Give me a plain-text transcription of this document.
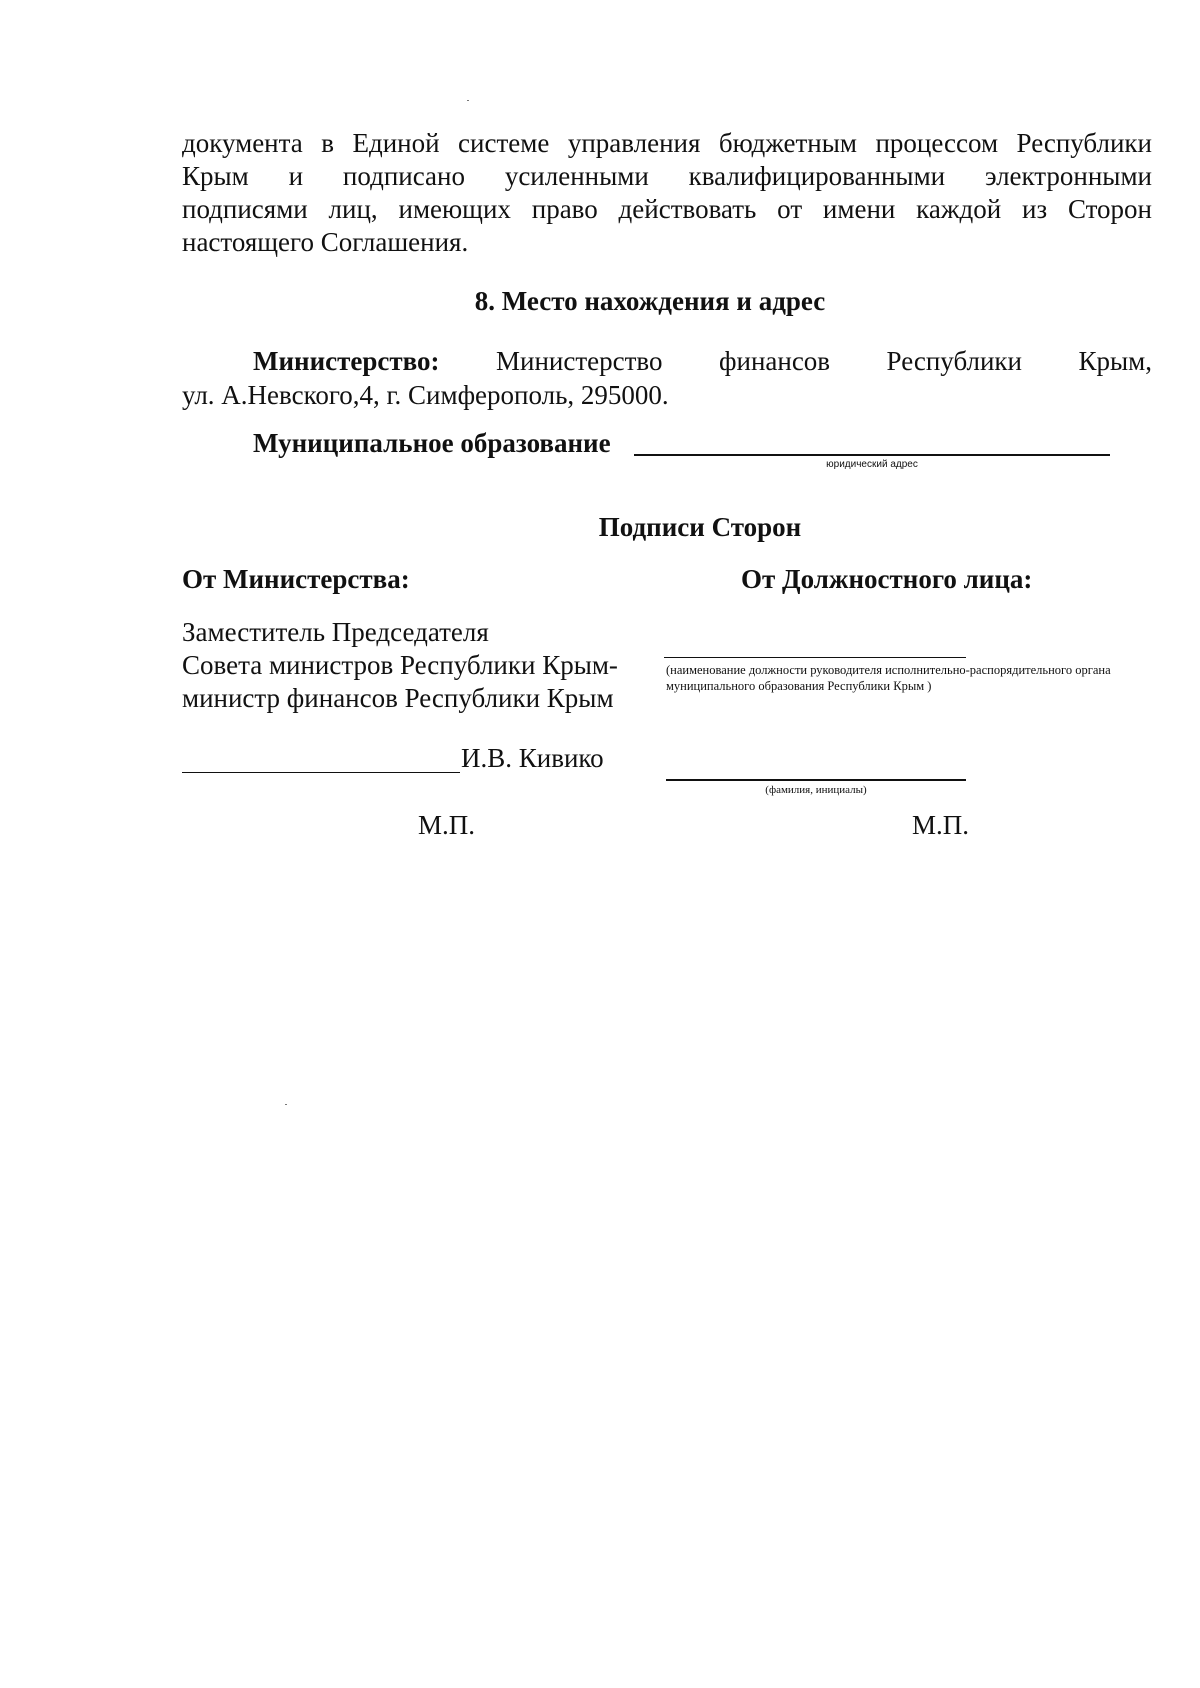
документа в Единой системе управления бюджетным процессом Республики
Крым и подписано усиленными квалифицированными электронными
подписями лиц, имеющих право действовать от имени каждой из Сторон
настоящего Соглашения.
8. Место нахождения и адрес
Министерство: Министерство финансов Республики Крым,
ул. А.Невского,4, г. Симферополь, 295000.
Муниципальное образование
юридический адрес
Подписи Сторон
От Министерства:	От Должностного лица:
Заместитель Председателя
Совета министров Республики Крым-
министр финансов Республики Крым
(наименование должности руководителя исполнительно-распорядительного органа муниципального образования Республики Крым )
И.В. Кивико
(фамилия, инициалы)
М.П.	М.П.
